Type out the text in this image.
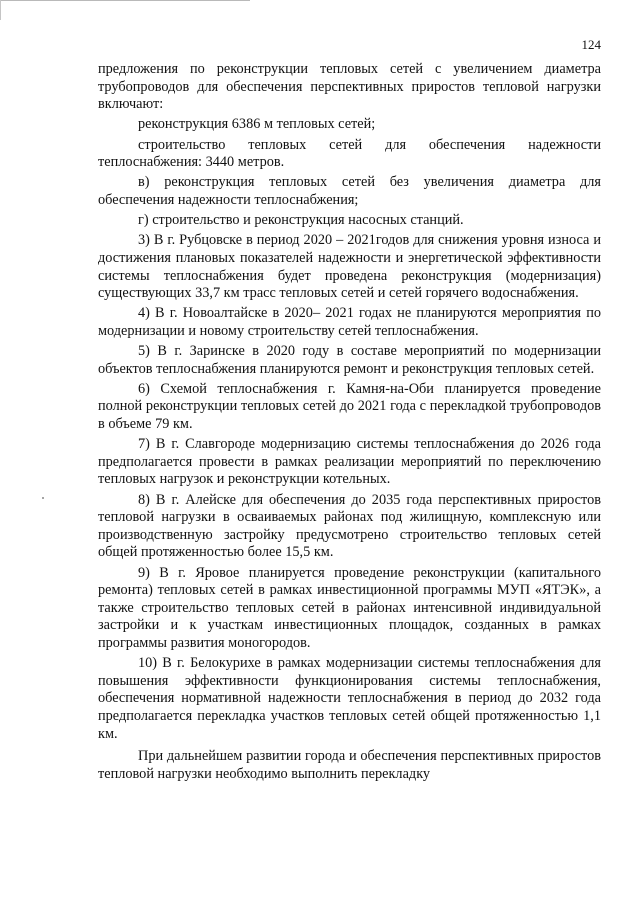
124

предложения по реконструкции тепловых сетей с увеличением диаметра трубопроводов для обеспечения перспективных приростов тепловой нагрузки включают:

реконструкция 6386 м тепловых сетей;

строительство тепловых сетей для обеспечения надежности теплоснабжения: 3440 метров.

в) реконструкция тепловых сетей без увеличения диаметра для обеспечения надежности теплоснабжения;

г) строительство и реконструкция насосных станций.

3) В г. Рубцовске в период 2020 – 2021годов для снижения уровня износа и достижения плановых показателей надежности и энергетической эффективности системы теплоснабжения будет проведена реконструкция (модернизация) существующих 33,7 км трасс тепловых сетей и сетей горячего водоснабжения.

4) В г. Новоалтайске в 2020– 2021 годах не планируются мероприятия по модернизации и новому строительству сетей теплоснабжения.

5) В г. Заринске в 2020 году в составе мероприятий по модернизации объектов теплоснабжения планируются ремонт и реконструкция тепловых сетей.

6) Схемой теплоснабжения г. Камня-на-Оби планируется проведение полной реконструкции тепловых сетей до 2021 года с перекладкой трубопроводов в объеме 79 км.

7) В г. Славгороде модернизацию системы теплоснабжения до 2026 года предполагается провести в рамках реализации мероприятий по переключению тепловых нагрузок и реконструкции котельных.

8) В г. Алейске для обеспечения до 2035 года перспективных приростов тепловой нагрузки в осваиваемых районах под жилищную, комплексную или производственную застройку предусмотрено строительство тепловых сетей общей протяженностью более 15,5 км.

9) В г. Яровое планируется проведение реконструкции (капитального ремонта) тепловых сетей в рамках инвестиционной программы МУП «ЯТЭК», а также строительство тепловых сетей в районах интенсивной индивидуальной застройки и к участкам инвестиционных площадок, созданных в рамках программы развития моногородов.

10) В г. Белокурихе в рамках модернизации системы теплоснабжения для повышения эффективности функционирования системы теплоснабжения, обеспечения нормативной надежности теплоснабжения в период до 2032 года предполагается перекладка участков тепловых сетей общей протяженностью 1,1 км.

При дальнейшем развитии города и обеспечения перспективных приростов тепловой нагрузки необходимо выполнить перекладку
